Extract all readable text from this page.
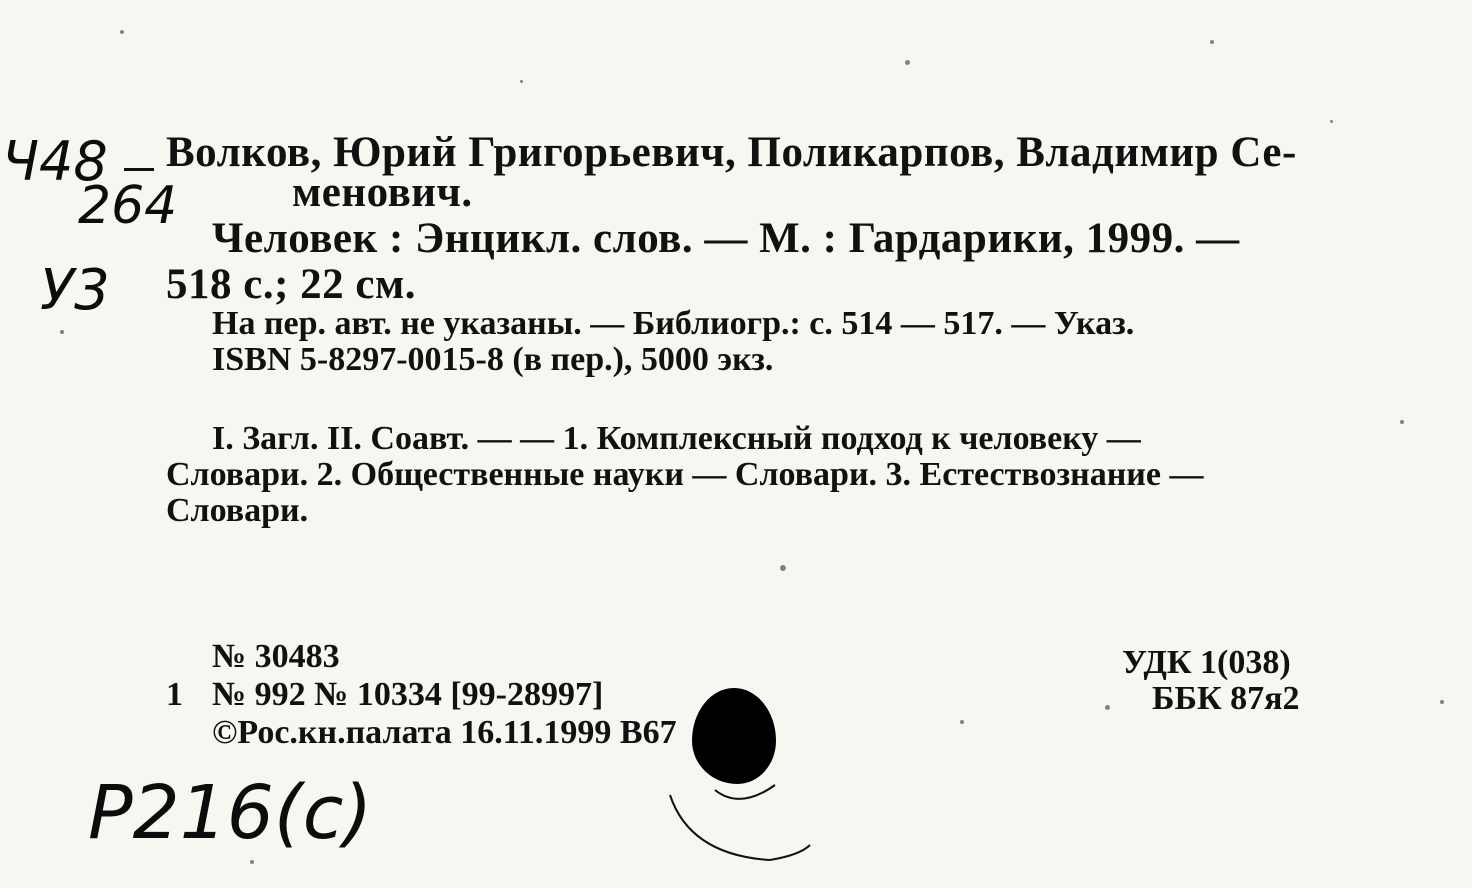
Ч48
264
У3
Волков, Юрий Григорьевич, Поликарпов, Владимир Се-
менович.
Человек : Энцикл. слов. — М. : Гардарики, 1999. —
518 с.; 22 см.
На пер. авт. не указаны. — Библиогр.: с. 514 — 517. — Указ.
ISBN 5-8297-0015-8 (в пер.), 5000 экз.
I. Загл. II. Соавт. — — 1. Комплексный подход к человеку —
Словари. 2. Общественные науки — Словари. 3. Естествознание —
Словари.
№ 30483
1 № 992 № 10334 [99-28997]
©Рос.кн.палата 16.11.1999 В67
УДК 1(038)
ББК 87я2
Р216(с)
